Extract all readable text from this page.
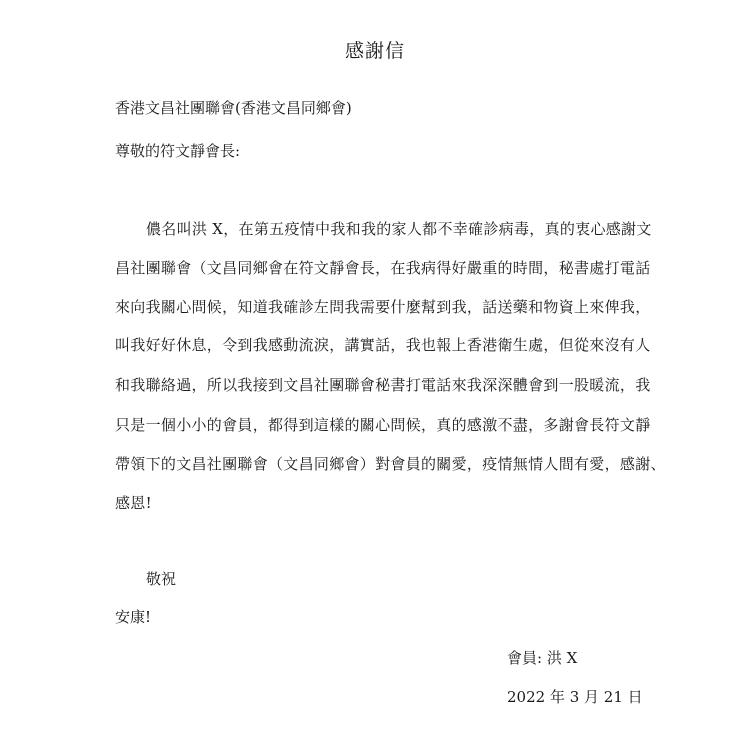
感謝信
香港文昌社團聯會(香港文昌同鄉會)
尊敬的符文靜會長:
儂名叫洪 X，在第五疫情中我和我的家人都不幸確診病毒，真的衷心感謝文
昌社團聯會（文昌同鄉會在符文靜會長，在我病得好嚴重的時間，秘書處打電話
來向我關心問候，知道我確診左問我需要什麼幫到我，話送藥和物資上來俾我，
叫我好好休息，令到我感動流淚，講實話，我也報上香港衛生處，但從來沒有人
和我聯絡過，所以我接到文昌社團聯會秘書打電話來我深深體會到一股暖流，我
只是一個小小的會員，都得到這樣的關心問候，真的感激不盡，多謝會長符文靜
帶領下的文昌社團聯會（文昌同鄉會）對會員的關愛，疫情無情人間有愛，感謝、
感恩!
敬祝
安康!
會員: 洪 X
2022 年 3 月 21 日
